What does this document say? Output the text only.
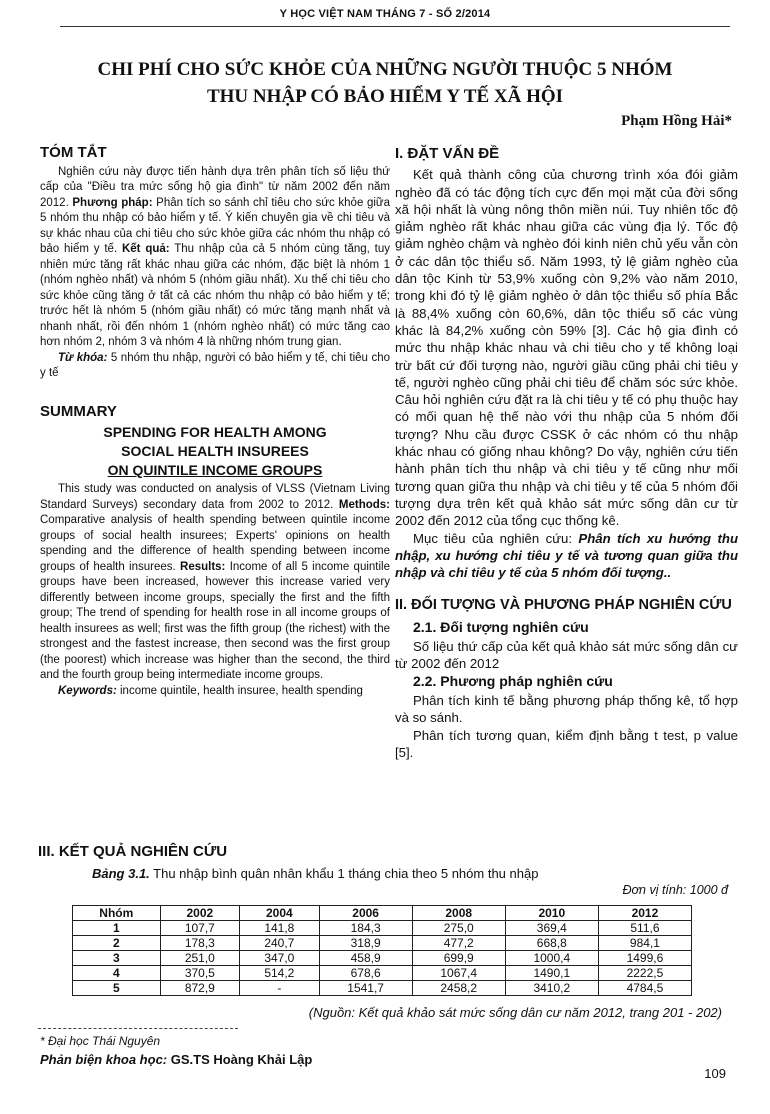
Y HỌC VIỆT NAM THÁNG 7 - SỐ 2/2014
CHI PHÍ CHO SỨC KHỎE CỦA NHỮNG NGƯỜI THUỘC 5 NHÓM
THU NHẬP CÓ BẢO HIỂM Y TẾ XÃ HỘI
Phạm Hồng Hải*
TÓM TẮT

Nghiên cứu này được tiến hành dựa trên phân tích số liệu thứ cấp của "Điều tra mức sống hộ gia đình" từ năm 2002 đến năm 2012. Phương pháp: Phân tích so sánh chỉ tiêu cho sức khỏe giữa 5 nhóm thu nhập có bảo hiểm y tế. Ý kiến chuyên gia về chi tiêu và sự khác nhau của chi tiêu cho sức khỏe giữa các nhóm thu nhập có bảo hiểm y tế. Kết quả: Thu nhập của cả 5 nhóm cùng tăng, tuy nhiên mức tăng rất khác nhau giữa các nhóm, đặc biệt là nhóm 1 (nhóm nghèo nhất) và nhóm 5 (nhóm giầu nhất). Xu thế chi tiêu cho sức khỏe cũng tăng ở tất cả các nhóm thu nhập có bảo hiểm y tế; trước hết là nhóm 5 (nhóm giầu nhất) có mức tăng mạnh nhất và nhanh nhất, rồi đến nhóm 1 (nhóm nghèo nhất) có mức tăng cao hơn nhóm 2, nhóm 3 và nhóm 4 là những nhóm trung gian.

Từ khóa: 5 nhóm thu nhập, người có bảo hiểm y tế, chi tiêu cho y tế

SUMMARY
SPENDING FOR HEALTH AMONG
SOCIAL HEALTH INSUREES
ON QUINTILE INCOME GROUPS

This study was conducted on analysis of VLSS (Vietnam Living Standard Surveys) secondary data from 2002 to 2012. Methods: Comparative analysis of health spending between quintile income groups of social health insurees; Experts' opinions on health spending and the difference of health spending between income groups of health insurees. Results: Income of all 5 income quintile groups have been increased, however this increase varied very differently between income groups, specially the first and the fifth group; The trend of spending for health rose in all income groups of health insurees as well; first was the fifth group (the richest) with the strongest and the fastest increase, then second was the first group (the poorest) which increase was higher than the second, the third and the fourth group being intermediate income groups.

Keywords: income quintile, health insuree, health spending

I. ĐẶT VẤN ĐỀ

Kết quả thành công của chương trình xóa đói giảm nghèo đã có tác động tích cực đến mọi mặt của đời sống xã hội nhất là vùng nông thôn miền núi. Tuy nhiên tốc độ giảm nghèo rất khác nhau giữa các vùng địa lý. Tốc độ giảm nghèo chậm và nghèo đói kinh niên chủ yếu vẫn còn ở các dân tộc thiểu số. Năm 1993, tỷ lệ giảm nghèo của dân tộc Kinh từ 53,9% xuống còn 9,2% vào năm 2010, trong khi đó tỷ lệ giảm nghèo ở dân tộc thiểu số phía Bắc là 88,4% xuống còn 60,6%, dân tộc thiểu số các vùng khác là 84,2% xuống còn 59% [3]. Các hộ gia đình có mức thu nhập khác nhau và chi tiêu cho y tế không loại trừ bất cứ đối tượng nào, người giầu cũng phải chi tiêu y tế, người nghèo cũng phải chi tiêu để chăm sóc sức khỏe. Câu hỏi nghiên cứu đặt ra là chi tiêu y tế có phụ thuộc hay có mối quan hệ thế nào với thu nhập của 5 nhóm đối tượng? Nhu cầu được CSSK ở các nhóm có thu nhập khác nhau có giống nhau không? Do vậy, nghiên cứu tiến hành phân tích thu nhập và chi tiêu y tế cũng như mối tương quan giữa thu nhập và chi tiêu y tế của 5 nhóm đối tượng dựa trên kết quả khảo sát mức sống dân cư từ 2002 đến 2012 của tổng cục thống kê.

Mục tiêu của nghiên cứu: Phân tích xu hướng thu nhập, xu hướng chi tiêu y tế và tương quan giữa thu nhập và chi tiêu y tế của 5 nhóm đối tượng..

II. ĐỐI TƯỢNG VÀ PHƯƠNG PHÁP NGHIÊN CỨU
2.1. Đối tượng nghiên cứu

Số liệu thứ cấp của kết quả khảo sát mức sống dân cư từ 2002 đến 2012

2.2. Phương pháp nghiên cứu

Phân tích kinh tế bằng phương pháp thống kê, tổ hợp và so sánh.

Phân tích tương quan, kiểm định bằng t test, p value [5].

III. KẾT QUẢ NGHIÊN CỨU
Bảng 3.1. Thu nhập bình quân nhân khẩu 1 tháng chia theo 5 nhóm thu nhập
Đơn vị tính: 1000 đ
Nhóm	2002	2004	2006	2008	2010	2012
1	107,7	141,8	184,3	275,0	369,4	511,6
2	178,3	240,7	318,9	477,2	668,8	984,1
3	251,0	347,0	458,9	699,9	1000,4	1499,6
4	370,5	514,2	678,6	1067,4	1490,1	2222,5
5	872,9	-	1541,7	2458,2	3410,2	4784,5
(Nguồn: Kết quả khảo sát mức sống dân cư năm 2012, trang 201 - 202)
* Đại học Thái Nguyên
Phản biện khoa học: GS.TS Hoàng Khải Lập
109
